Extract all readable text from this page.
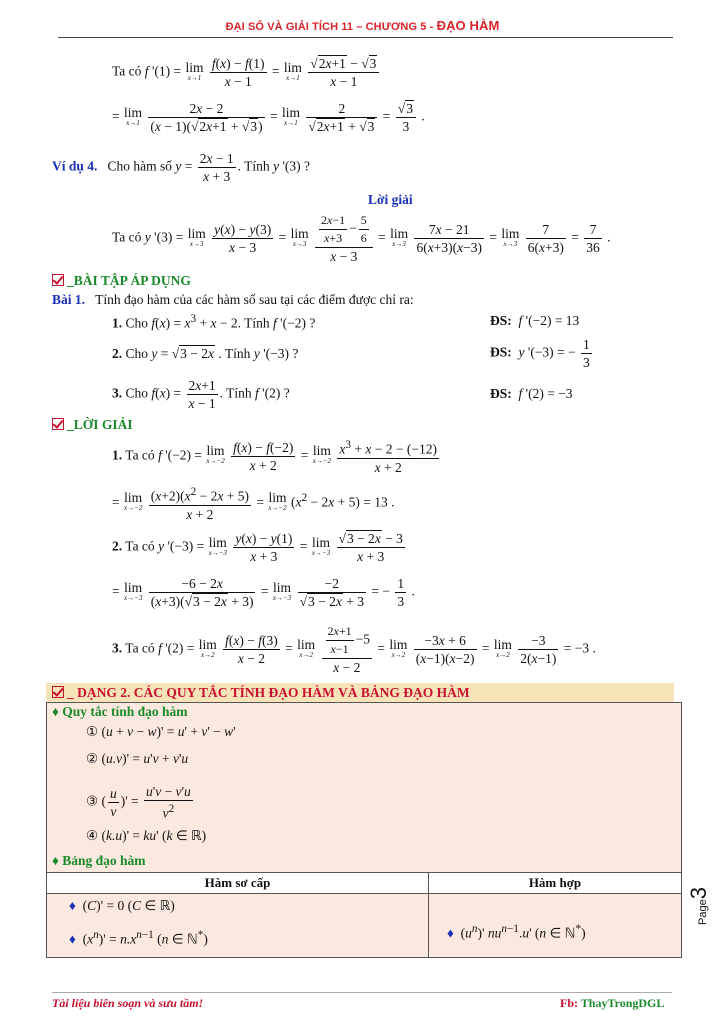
ĐẠI SỐ VÀ GIẢI TÍCH 11 – CHƯƠNG 5 - ĐẠO HÀM
Ta có f '(1) = lim
x→1
$\frac{f(x) - f(1)}{x - 1} = \lim$
x→1
$\frac{√2x+1 - √3}{x - 1}$
= lim
x→1
$\frac{2x - 2}{(x - 1)(√2x+1 + √3)} = \lim$
x→1
$\frac{2}{√2x+1 + √3} = \frac{√3}{3}$ .
Ví dụ 4. Cho hàm số $y = \frac{2x - 1}{x + 3}$ . Tính y '(3) ?
Lời giải
Ta có y '(3) = lim
x→3
$\frac{y(x) - y(3)}{x - 3} = \lim$
x→3
$\frac{\frac{2x-1}{x+3} - \frac{5}{6}}{x - 3} = \lim$
x→3
$\frac{7x - 21}{6(x+3)(x-3)} = \lim$
x→3
$\frac{7}{6(x+3)} = \frac{7}{36}$ .
_BÀI TẬP ÁP DỤNG
Bài 1. Tính đạo hàm của các hàm số sau tại các điểm được chỉ ra:
1. Cho $f(x) = x^3 + x - 2$. Tính f '(−2) ?	ĐS: f '(−2) = 13
2. Cho y = √3 − 2x . Tính y '(−3) ?	ĐS: y '(−3) = − $\frac{1}{3}$
3. Cho $f(x) = \frac{2x+1}{x - 1}$ . Tính f '(2) ?	ĐS: f '(2) = −3
_LỜI GIẢI
1. Ta có f '(−2) = lim
x→−2
$\frac{f(x) - f(-2)}{x + 2} = \lim$
x→−2
$\frac{x^3 + x - 2 - (-12)}{x + 2}$
= lim
x→−2
$\frac{(x+2)(x^2 - 2x + 5)}{x + 2} = \lim$
x→−2 $(x^2 - 2x + 5) = 13$ .
2. Ta có y '(−3) = lim
x→−3
$\frac{y(x) - y(1)}{x + 3} = \lim$
x→−3
$\frac{√3 - 2x - 3}{x + 3}$
= lim
x→−3
$\frac{-6 - 2x}{(x+3)(√3 - 2x + 3)} = \lim$
x→−3
$\frac{-2}{√3 - 2x + 3}$ = − $\frac{1}{3}$ .
3. Ta có f '(2) = lim
x→2
$\frac{f(x) - f(3)}{x - 2} = \lim$
x→2
$\frac{\frac{2x+1}{x-1} -5}{x - 2} = \lim$
x→2
$\frac{-3x + 6}{(x-1)(x-2)} = \lim$
x→2
$\frac{-3}{2(x-1)} = -3$ .
_ DẠNG 2. CÁC QUY TẮC TÍNH ĐẠO HÀM VÀ BẢNG ĐẠO HÀM
♦ Quy tắc tính đạo hàm
① (u + v − w)' = u' + v' − w'
② (u.v)' = u'v + v'u
③ ( $\frac{u}{v}$ )' = $\frac{u'v - v'u}{v^2}$
④ (k.u)' = ku' (k ∈ ℝ)
♦ Bảng đạo hàm
Hàm sơ cấp	Hàm hợp
♦  (C)' = 0 (C ∈ ℝ)
♦  $(x^n)' = n.x^{n-1}$ (n ∈ ℕ*)	♦  $(u^n)'$ $nu^{n-1}.u'$ (n ∈ ℕ*)
Page3
Tài liệu biên soạn và sưu tầm!	Fb: ThayTrongDGL
